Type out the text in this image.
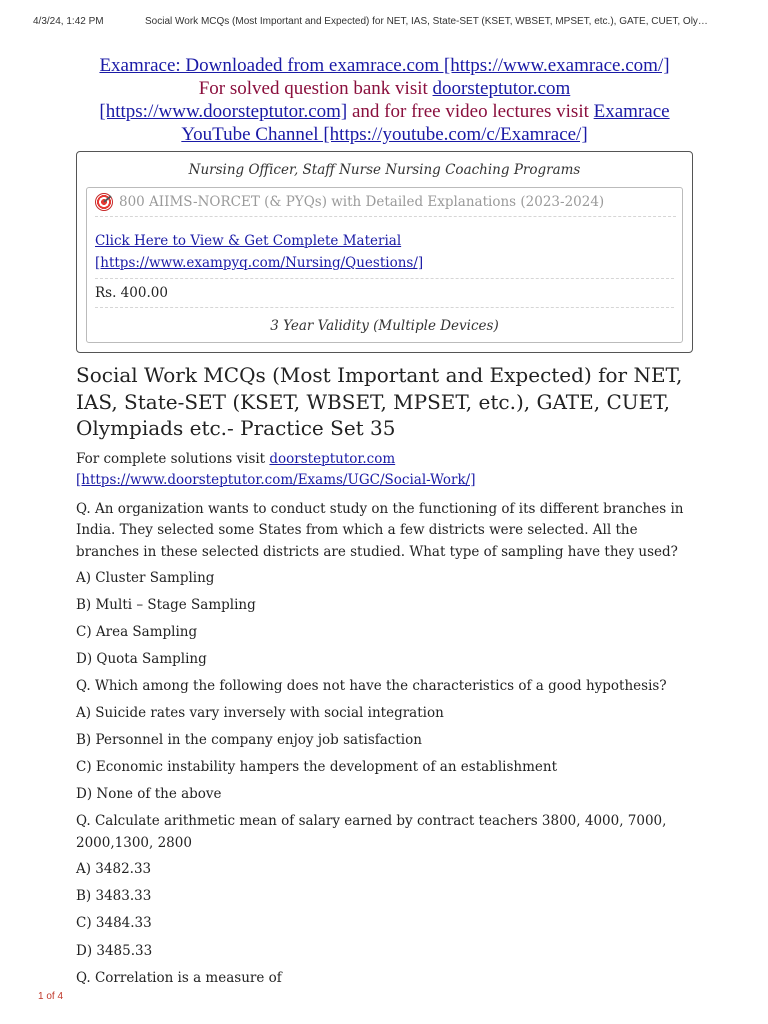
4/3/24, 1:42 PM	Social Work MCQs (Most Important and Expected) for NET, IAS, State-SET (KSET, WBSET, MPSET, etc.), GATE, CUET, Oly…
Examrace: Downloaded from examrace.com [https://www.examrace.com/]
For solved question bank visit doorsteptutor.com
[https://www.doorsteptutor.com] and for free video lectures visit Examrace
YouTube Channel [https://youtube.com/c/Examrace/]
Nursing Officer, Staff Nurse Nursing Coaching Programs
800 AIIMS-NORCET (& PYQs) with Detailed Explanations (2023-2024)
Click Here to View & Get Complete Material
[https://www.exampyq.com/Nursing/Questions/]
Rs. 400.00
3 Year Validity (Multiple Devices)
Social Work MCQs (Most Important and Expected) for NET, IAS, State-SET (KSET, WBSET, MPSET, etc.), GATE, CUET, Olympiads etc.- Practice Set 35
For complete solutions visit doorsteptutor.com
[https://www.doorsteptutor.com/Exams/UGC/Social-Work/]
Q. An organization wants to conduct study on the functioning of its different branches in India. They selected some States from which a few districts were selected. All the branches in these selected districts are studied. What type of sampling have they used?
A) Cluster Sampling
B) Multi – Stage Sampling
C) Area Sampling
D) Quota Sampling
Q. Which among the following does not have the characteristics of a good hypothesis?
A) Suicide rates vary inversely with social integration
B) Personnel in the company enjoy job satisfaction
C) Economic instability hampers the development of an establishment
D) None of the above
Q. Calculate arithmetic mean of salary earned by contract teachers 3800, 4000, 7000, 2000,1300, 2800
A) 3482.33
B) 3483.33
C) 3484.33
D) 3485.33
Q. Correlation is a measure of
1 of 4
